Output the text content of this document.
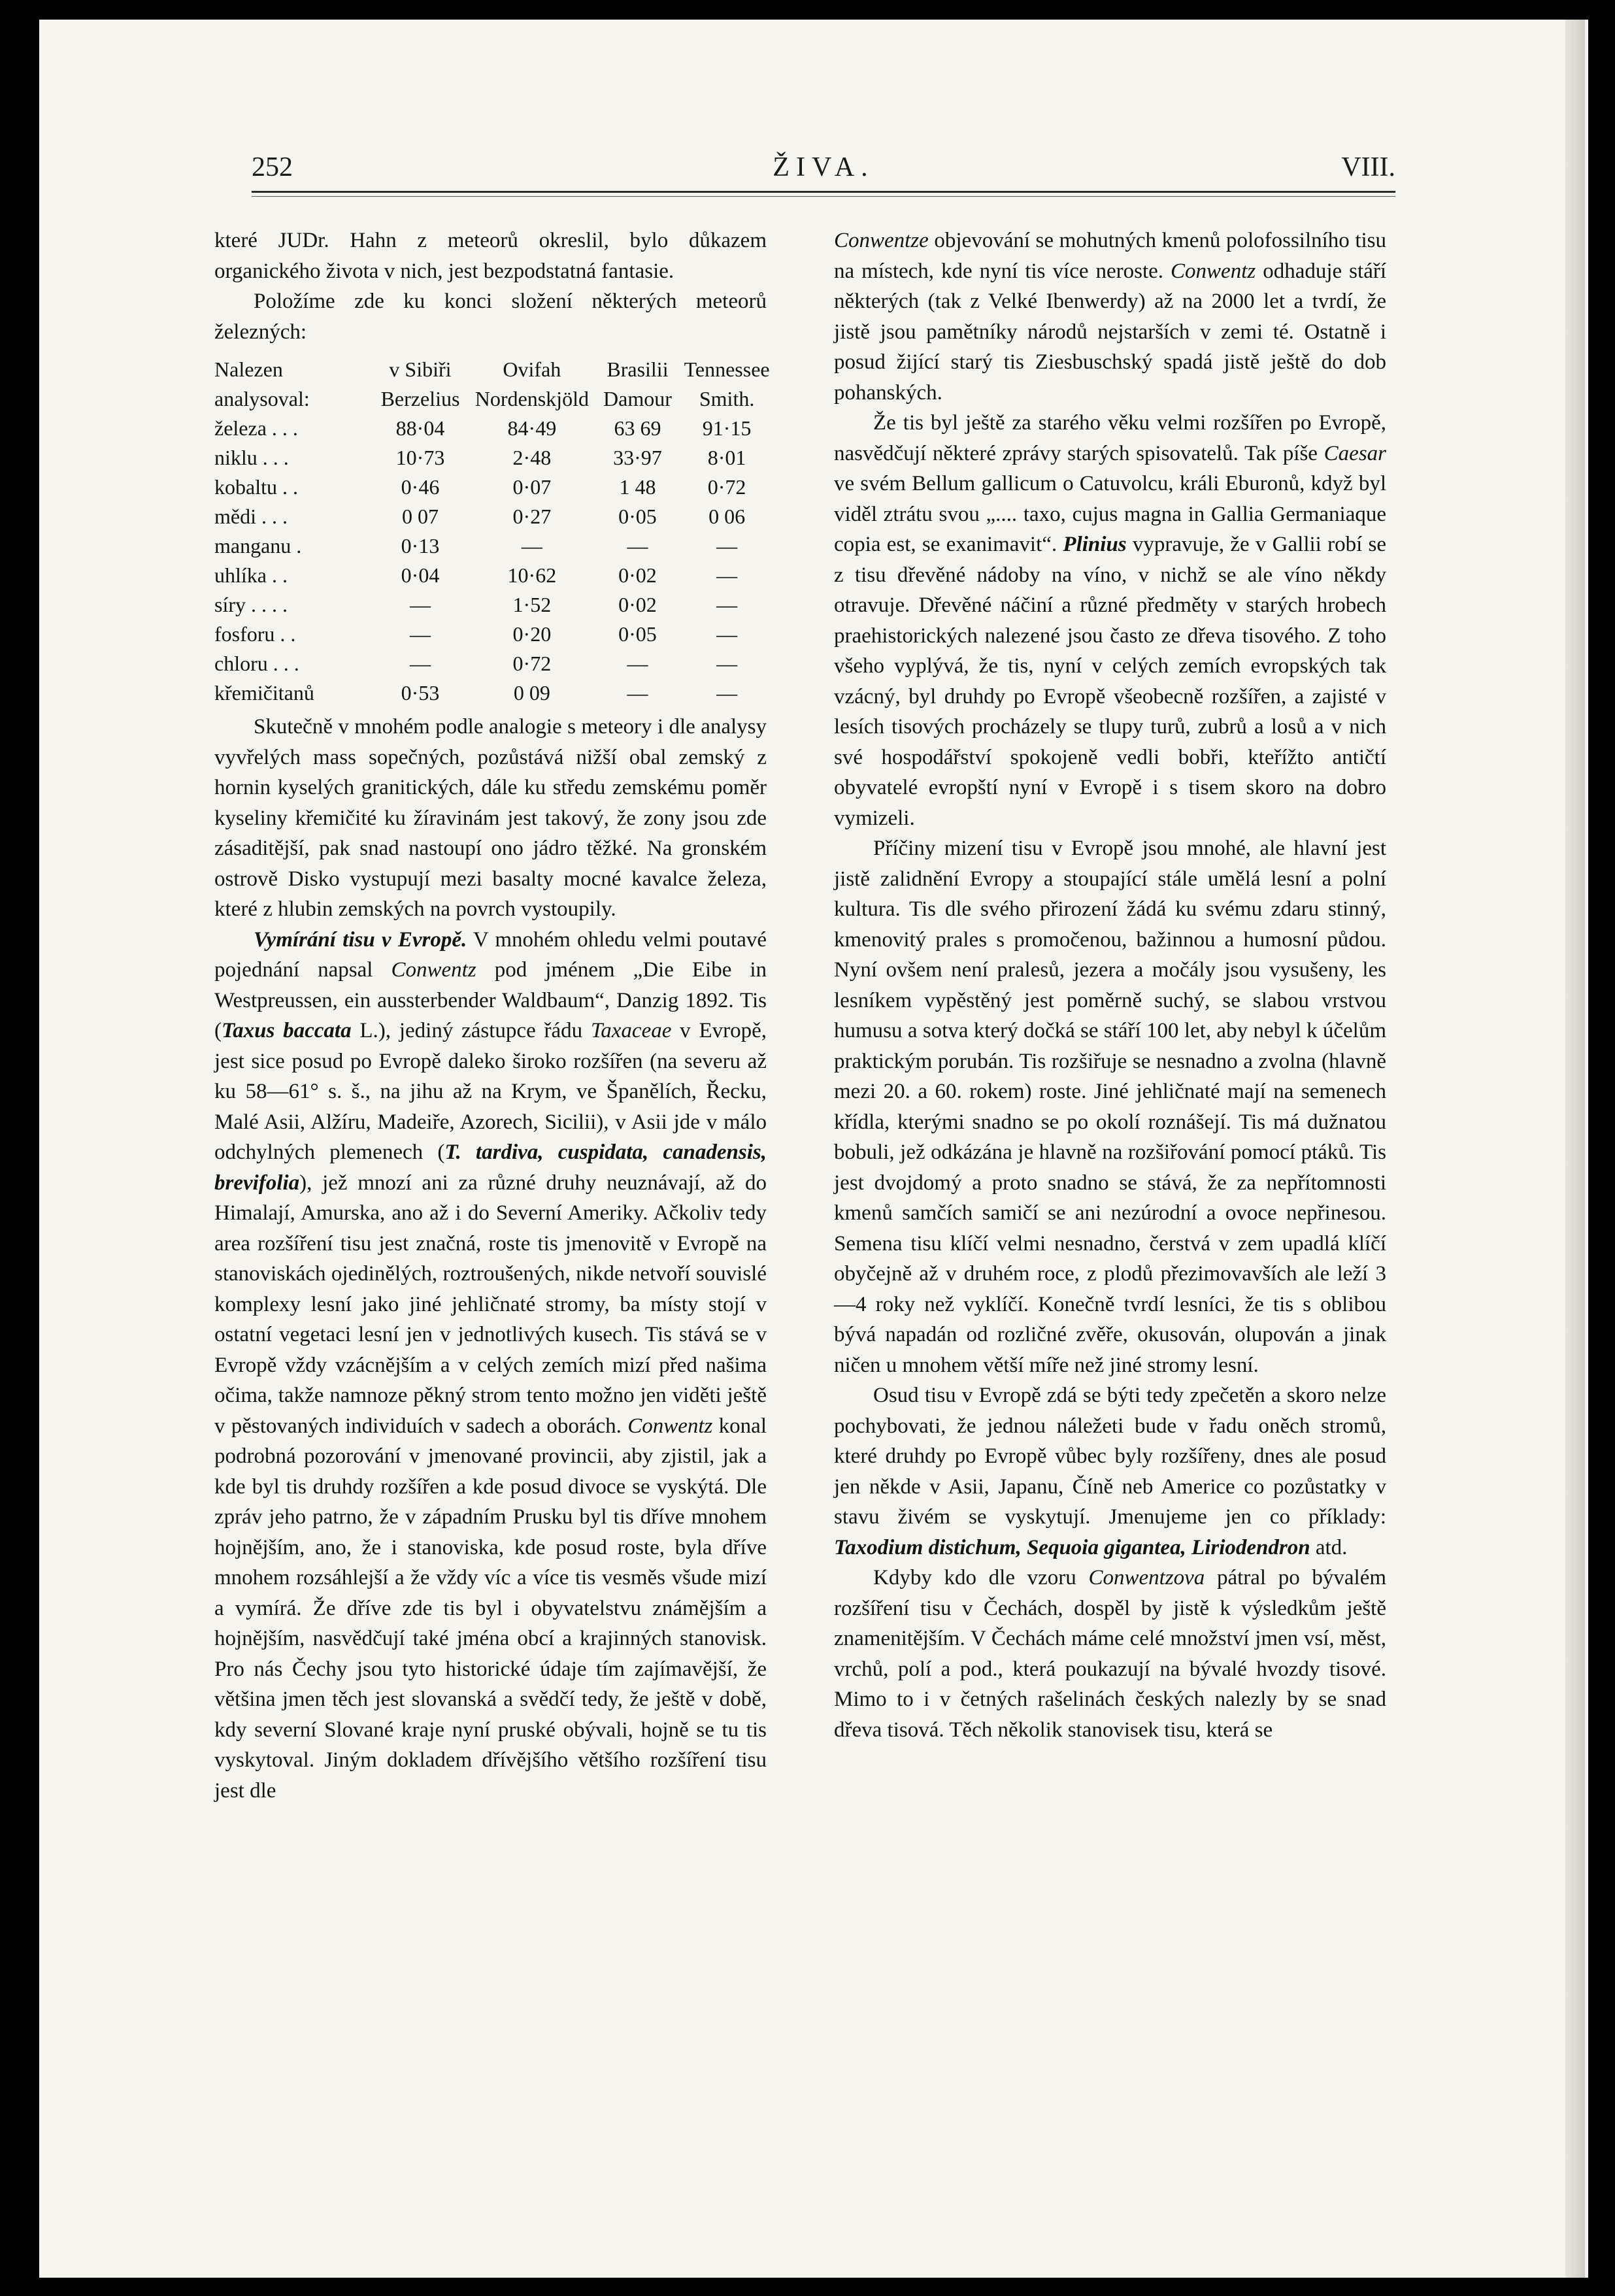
252	ŽIVA.	VIII.

které JUDr. Hahn z meteorů okreslil, bylo důkazem organického života v nich, jest bezpodstatná fantasie.

Položíme zde ku konci složení některých meteorů železných:

Nalezen	v Sibiři	Ovifah	Brasilii	Tennessee
analysoval:	Berzelius	Nordenskjöld	Damour	Smith.
železa . . .	88·04	84·49	63 69	91·15
niklu . . .	10·73	2·48	33·97	8·01
kobaltu . .	0·46	0·07	1 48	0·72
mědi . . .	0 07	0·27	0·05	0 06
manganu .	0·13	—	—	—
uhlíka . .	0·04	10·62	0·02	—
síry . . . .	—	1·52	0·02	—
fosforu . .	—	0·20	0·05	—
chloru . . .	—	0·72	—	—
křemičitanů	0·53	0 09	—	—

Skutečně v mnohém podle analogie s meteory i dle analysy vyvřelých mass sopečných, pozůstává nižší obal zemský z hornin kyselých granitických, dále ku středu zemskému poměr kyseliny křemičité ku žíravinám jest takový, že zony jsou zde zásaditější, pak snad nastoupí ono jádro těžké. Na gronském ostrově Disko vystupují mezi basalty mocné kavalce železa, které z hlubin zemských na povrch vystoupily.

Vymírání tisu v Evropě. V mnohém ohledu velmi poutavé pojednání napsal Conwentz pod jménem „Die Eibe in Westpreussen, ein aussterbender Waldbaum“, Danzig 1892. Tis (Taxus baccata L.), jediný zástupce řádu Taxaceae v Evropě, jest sice posud po Evropě daleko široko rozšířen (na severu až ku 58—61° s. š., na jihu až na Krym, ve Španělích, Řecku, Malé Asii, Alžíru, Madeiře, Azorech, Sicilii), v Asii jde v málo odchylných plemenech (T. tardiva, cuspidata, canadensis, brevifolia), jež mnozí ani za různé druhy neuznávají, až do Himalají, Amurska, ano až i do Severní Ameriky. Ačkoliv tedy area rozšíření tisu jest značná, roste tis jmenovitě v Evropě na stanoviskách ojedinělých, roztroušených, nikde netvoří souvislé komplexy lesní jako jiné jehličnaté stromy, ba místy stojí v ostatní vegetaci lesní jen v jednotlivých kusech. Tis stává se v Evropě vždy vzácnějším a v celých zemích mizí před našima očima, takže namnoze pěkný strom tento možno jen viděti ještě v pěstovaných individuích v sadech a oborách. Conwentz konal podrobná pozorování v jmenované provincii, aby zjistil, jak a kde byl tis druhdy rozšířen a kde posud divoce se vyskýtá. Dle zpráv jeho patrno, že v západním Prusku byl tis dříve mnohem hojnějším, ano, že i stanoviska, kde posud roste, byla dříve mnohem rozsáhlejší a že vždy víc a více tis vesměs všude mizí a vymírá. Že dříve zde tis byl i obyvatelstvu známějším a hojnějším, nasvědčují také jména obcí a krajinných stanovisk. Pro nás Čechy jsou tyto historické údaje tím zajímavější, že většina jmen těch jest slovanská a svědčí tedy, že ještě v době, kdy severní Slované kraje nyní pruské obývali, hojně se tu tis vyskytoval. Jiným dokladem dřívějšího většího rozšíření tisu jest dle

Conwentze objevování se mohutných kmenů polofossilního tisu na místech, kde nyní tis více neroste. Conwentz odhaduje stáří některých (tak z Velké Ibenwerdy) až na 2000 let a tvrdí, že jistě jsou pamětníky národů nejstarších v zemi té. Ostatně i posud žijící starý tis Ziesbuschský spadá jistě ještě do dob pohanských.

Že tis byl ještě za starého věku velmi rozšířen po Evropě, nasvědčují některé zprávy starých spisovatelů. Tak píše Caesar ve svém Bellum gallicum o Catuvolcu, králi Eburonů, když byl viděl ztrátu svou „.... taxo, cujus magna in Gallia Germaniaque copia est, se exanimavit“. Plinius vypravuje, že v Gallii robí se z tisu dřevěné nádoby na víno, v nichž se ale víno někdy otravuje. Dřevěné náčiní a různé předměty v starých hrobech praehistorických nalezené jsou často ze dřeva tisového. Z toho všeho vyplývá, že tis, nyní v celých zemích evropských tak vzácný, byl druhdy po Evropě všeobecně rozšířen, a zajisté v lesích tisových procházely se tlupy turů, zubrů a losů a v nich své hospodářství spokojeně vedli bobři, kteřížto antičtí obyvatelé evropští nyní v Evropě i s tisem skoro na dobro vymizeli.

Příčiny mizení tisu v Evropě jsou mnohé, ale hlavní jest jistě zalidnění Evropy a stoupající stále umělá lesní a polní kultura. Tis dle svého přirození žádá ku svému zdaru stinný, kmenovitý prales s promočenou, bažinnou a humosní půdou. Nyní ovšem není pralesů, jezera a močály jsou vysušeny, les lesníkem vypěstěný jest poměrně suchý, se slabou vrstvou humusu a sotva který dočká se stáří 100 let, aby nebyl k účelům praktickým porubán. Tis rozšiřuje se nesnadno a zvolna (hlavně mezi 20. a 60. rokem) roste. Jiné jehličnaté mají na semenech křídla, kterými snadno se po okolí roznášejí. Tis má dužnatou bobuli, jež odkázána je hlavně na rozšiřování pomocí ptáků. Tis jest dvojdomý a proto snadno se stává, že za nepřítomnosti kmenů samčích samičí se ani nezúrodní a ovoce nepřinesou. Semena tisu klíčí velmi nesnadno, čerstvá v zem upadlá klíčí obyčejně až v druhém roce, z plodů přezimovavších ale leží 3—4 roky než vyklíčí. Konečně tvrdí lesníci, že tis s oblibou bývá napadán od rozličné zvěře, okusován, olupován a jinak ničen u mnohem větší míře než jiné stromy lesní.

Osud tisu v Evropě zdá se býti tedy zpečetěn a skoro nelze pochybovati, že jednou náležeti bude v řadu oněch stromů, které druhdy po Evropě vůbec byly rozšířeny, dnes ale posud jen někde v Asii, Japanu, Číně neb Americe co pozůstatky v stavu živém se vyskytují. Jmenujeme jen co příklady: Taxodium distichum, Sequoia gigantea, Liriodendron atd.

Kdyby kdo dle vzoru Conwentzova pátral po bývalém rozšíření tisu v Čechách, dospěl by jistě k výsledkům ještě znamenitějším. V Čechách máme celé množství jmen vsí, měst, vrchů, polí a pod., která poukazují na bývalé hvozdy tisové. Mimo to i v četných rašelinách českých nalezly by se snad dřeva tisová. Těch několik stanovisek tisu, která se
